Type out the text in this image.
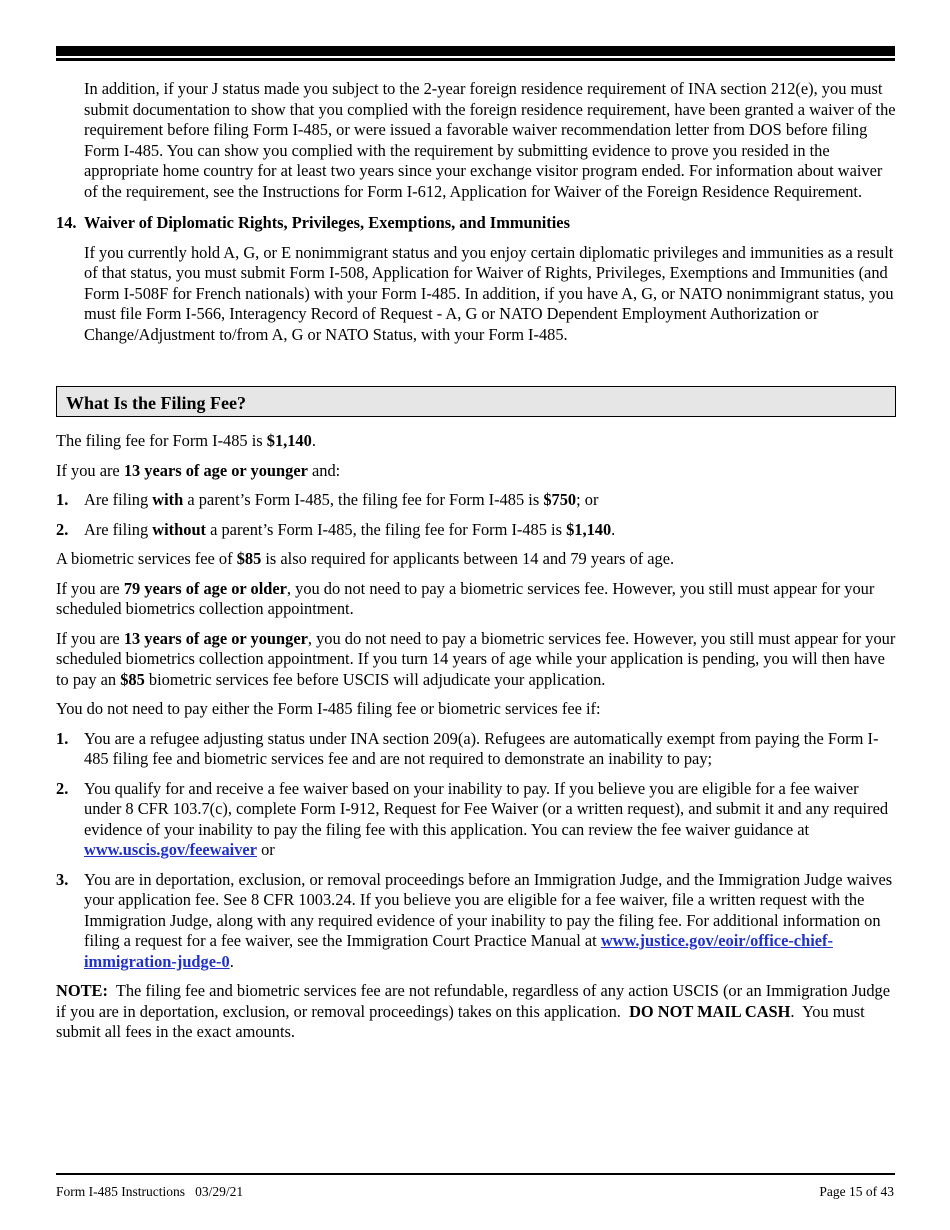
In addition, if your J status made you subject to the 2-year foreign residence requirement of INA section 212(e), you must submit documentation to show that you complied with the foreign residence requirement, have been granted a waiver of the requirement before filing Form I-485, or were issued a favorable waiver recommendation letter from DOS before filing Form I-485. You can show you complied with the requirement by submitting evidence to prove you resided in the appropriate home country for at least two years since your exchange visitor program ended. For information about waiver of the requirement, see the Instructions for Form I-612, Application for Waiver of the Foreign Residence Requirement.

14. Waiver of Diplomatic Rights, Privileges, Exemptions, and Immunities

If you currently hold A, G, or E nonimmigrant status and you enjoy certain diplomatic privileges and immunities as a result of that status, you must submit Form I-508, Application for Waiver of Rights, Privileges, Exemptions and Immunities (and Form I-508F for French nationals) with your Form I-485. In addition, if you have A, G, or NATO nonimmigrant status, you must file Form I-566, Interagency Record of Request - A, G or NATO Dependent Employment Authorization or Change/Adjustment to/from A, G or NATO Status, with your Form I-485.

What Is the Filing Fee?

The filing fee for Form I-485 is $1,140.

If you are 13 years of age or younger and:

1. Are filing with a parent’s Form I-485, the filing fee for Form I-485 is $750; or
2. Are filing without a parent’s Form I-485, the filing fee for Form I-485 is $1,140.

A biometric services fee of $85 is also required for applicants between 14 and 79 years of age.

If you are 79 years of age or older, you do not need to pay a biometric services fee. However, you still must appear for your scheduled biometrics collection appointment.

If you are 13 years of age or younger, you do not need to pay a biometric services fee. However, you still must appear for your scheduled biometrics collection appointment. If you turn 14 years of age while your application is pending, you will then have to pay an $85 biometric services fee before USCIS will adjudicate your application.

You do not need to pay either the Form I-485 filing fee or biometric services fee if:

1. You are a refugee adjusting status under INA section 209(a). Refugees are automatically exempt from paying the Form I-485 filing fee and biometric services fee and are not required to demonstrate an inability to pay;
2. You qualify for and receive a fee waiver based on your inability to pay. If you believe you are eligible for a fee waiver under 8 CFR 103.7(c), complete Form I-912, Request for Fee Waiver (or a written request), and submit it and any required evidence of your inability to pay the filing fee with this application. You can review the fee waiver guidance at www.uscis.gov/feewaiver or
3. You are in deportation, exclusion, or removal proceedings before an Immigration Judge, and the Immigration Judge waives your application fee. See 8 CFR 1003.24. If you believe you are eligible for a fee waiver, file a written request with the Immigration Judge, along with any required evidence of your inability to pay the filing fee. For additional information on filing a request for a fee waiver, see the Immigration Court Practice Manual at www.justice.gov/eoir/office-chief-immigration-judge-0.

NOTE:  The filing fee and biometric services fee are not refundable, regardless of any action USCIS (or an Immigration Judge if you are in deportation, exclusion, or removal proceedings) takes on this application.  DO NOT MAIL CASH.  You must submit all fees in the exact amounts.

Form I-485 Instructions   03/29/21	Page 15 of 43
